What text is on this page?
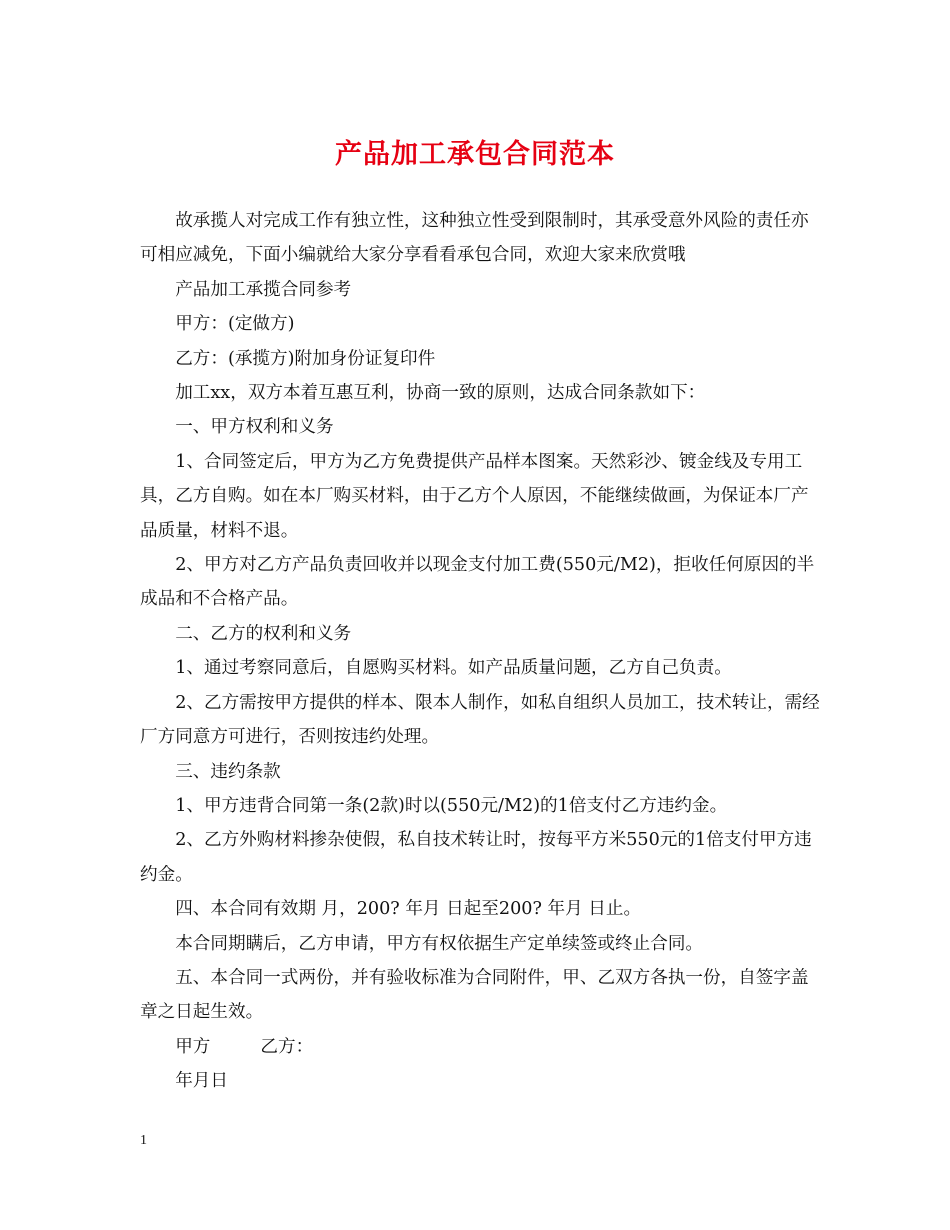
产品加工承包合同范本

故承揽人对完成工作有独立性，这种独立性受到限制时，其承受意外风险的责任亦可相应减免，下面小编就给大家分享看看承包合同，欢迎大家来欣赏哦

产品加工承揽合同参考

甲方：(定做方)

乙方：(承揽方)附加身份证复印件

加工xx，双方本着互惠互利，协商一致的原则，达成合同条款如下：

一、甲方权利和义务

1、合同签定后，甲方为乙方免费提供产品样本图案。天然彩沙、镀金线及专用工具，乙方自购。如在本厂购买材料，由于乙方个人原因，不能继续做画，为保证本厂产品质量，材料不退。

2、甲方对乙方产品负责回收并以现金支付加工费(550元/M2)，拒收任何原因的半成品和不合格产品。

二、乙方的权利和义务

1、通过考察同意后，自愿购买材料。如产品质量问题，乙方自己负责。

2、乙方需按甲方提供的样本、限本人制作，如私自组织人员加工，技术转让，需经厂方同意方可进行，否则按违约处理。

三、违约条款

1、甲方违背合同第一条(2款)时以(550元/M2)的1倍支付乙方违约金。

2、乙方外购材料掺杂使假，私自技术转让时，按每平方米550元的1倍支付甲方违约金。

四、本合同有效期 月，200? 年月 日起至200? 年月 日止。

本合同期瞒后，乙方申请，甲方有权依据生产定单续签或终止合同。

五、本合同一式两份，并有验收标准为合同附件，甲、乙双方各执一份，自签字盖章之日起生效。

甲方	乙方：

年月日

1
